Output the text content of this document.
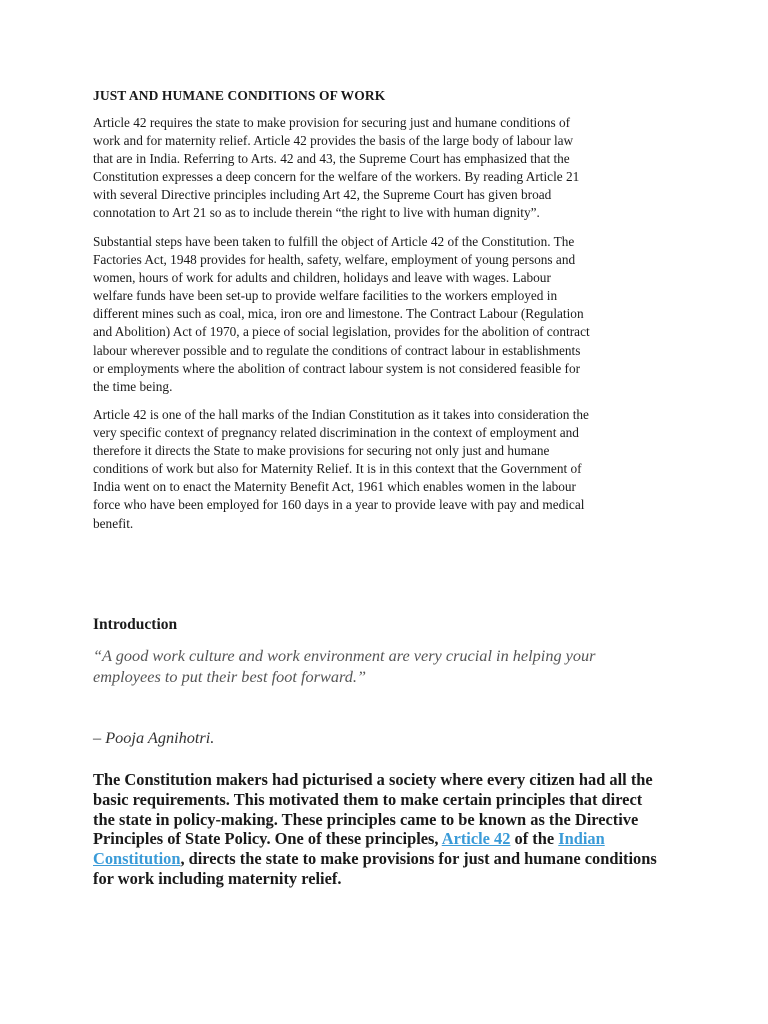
JUST AND HUMANE CONDITIONS OF WORK

Article 42 requires the state to make provision for securing just and humane conditions of
work and for maternity relief. Article 42 provides the basis of the large body of labour law
that are in India. Referring to Arts. 42 and 43, the Supreme Court has emphasized that the
Constitution expresses a deep concern for the welfare of the workers. By reading Article 21
with several Directive principles including Art 42, the Supreme Court has given broad
connotation to Art 21 so as to include therein “the right to live with human dignity”.

Substantial steps have been taken to fulfill the object of Article 42 of the Constitution. The
Factories Act, 1948 provides for health, safety, welfare, employment of young persons and
women, hours of work for adults and children, holidays and leave with wages. Labour
welfare funds have been set-up to provide welfare facilities to the workers employed in
different mines such as coal, mica, iron ore and limestone. The Contract Labour (Regulation
and Abolition) Act of 1970, a piece of social legislation, provides for the abolition of contract
labour wherever possible and to regulate the conditions of contract labour in establishments
or employments where the abolition of contract labour system is not considered feasible for
the time being.

Article 42 is one of the hall marks of the Indian Constitution as it takes into consideration the
very specific context of pregnancy related discrimination in the context of employment and
therefore it directs the State to make provisions for securing not only just and humane
conditions of work but also for Maternity Relief. It is in this context that the Government of
India went on to enact the Maternity Benefit Act, 1961 which enables women in the labour
force who have been employed for 160 days in a year to provide leave with pay and medical
benefit.

Introduction
“A good work culture and work environment are very crucial in helping your
employees to put their best foot forward.”
– Pooja Agnihotri.
The Constitution makers had picturised a society where every citizen had all the
basic requirements. This motivated them to make certain principles that direct
the state in policy-making. These principles came to be known as the Directive
Principles of State Policy. One of these principles, Article 42 of the Indian
Constitution, directs the state to make provisions for just and humane conditions
for work including maternity relief.
